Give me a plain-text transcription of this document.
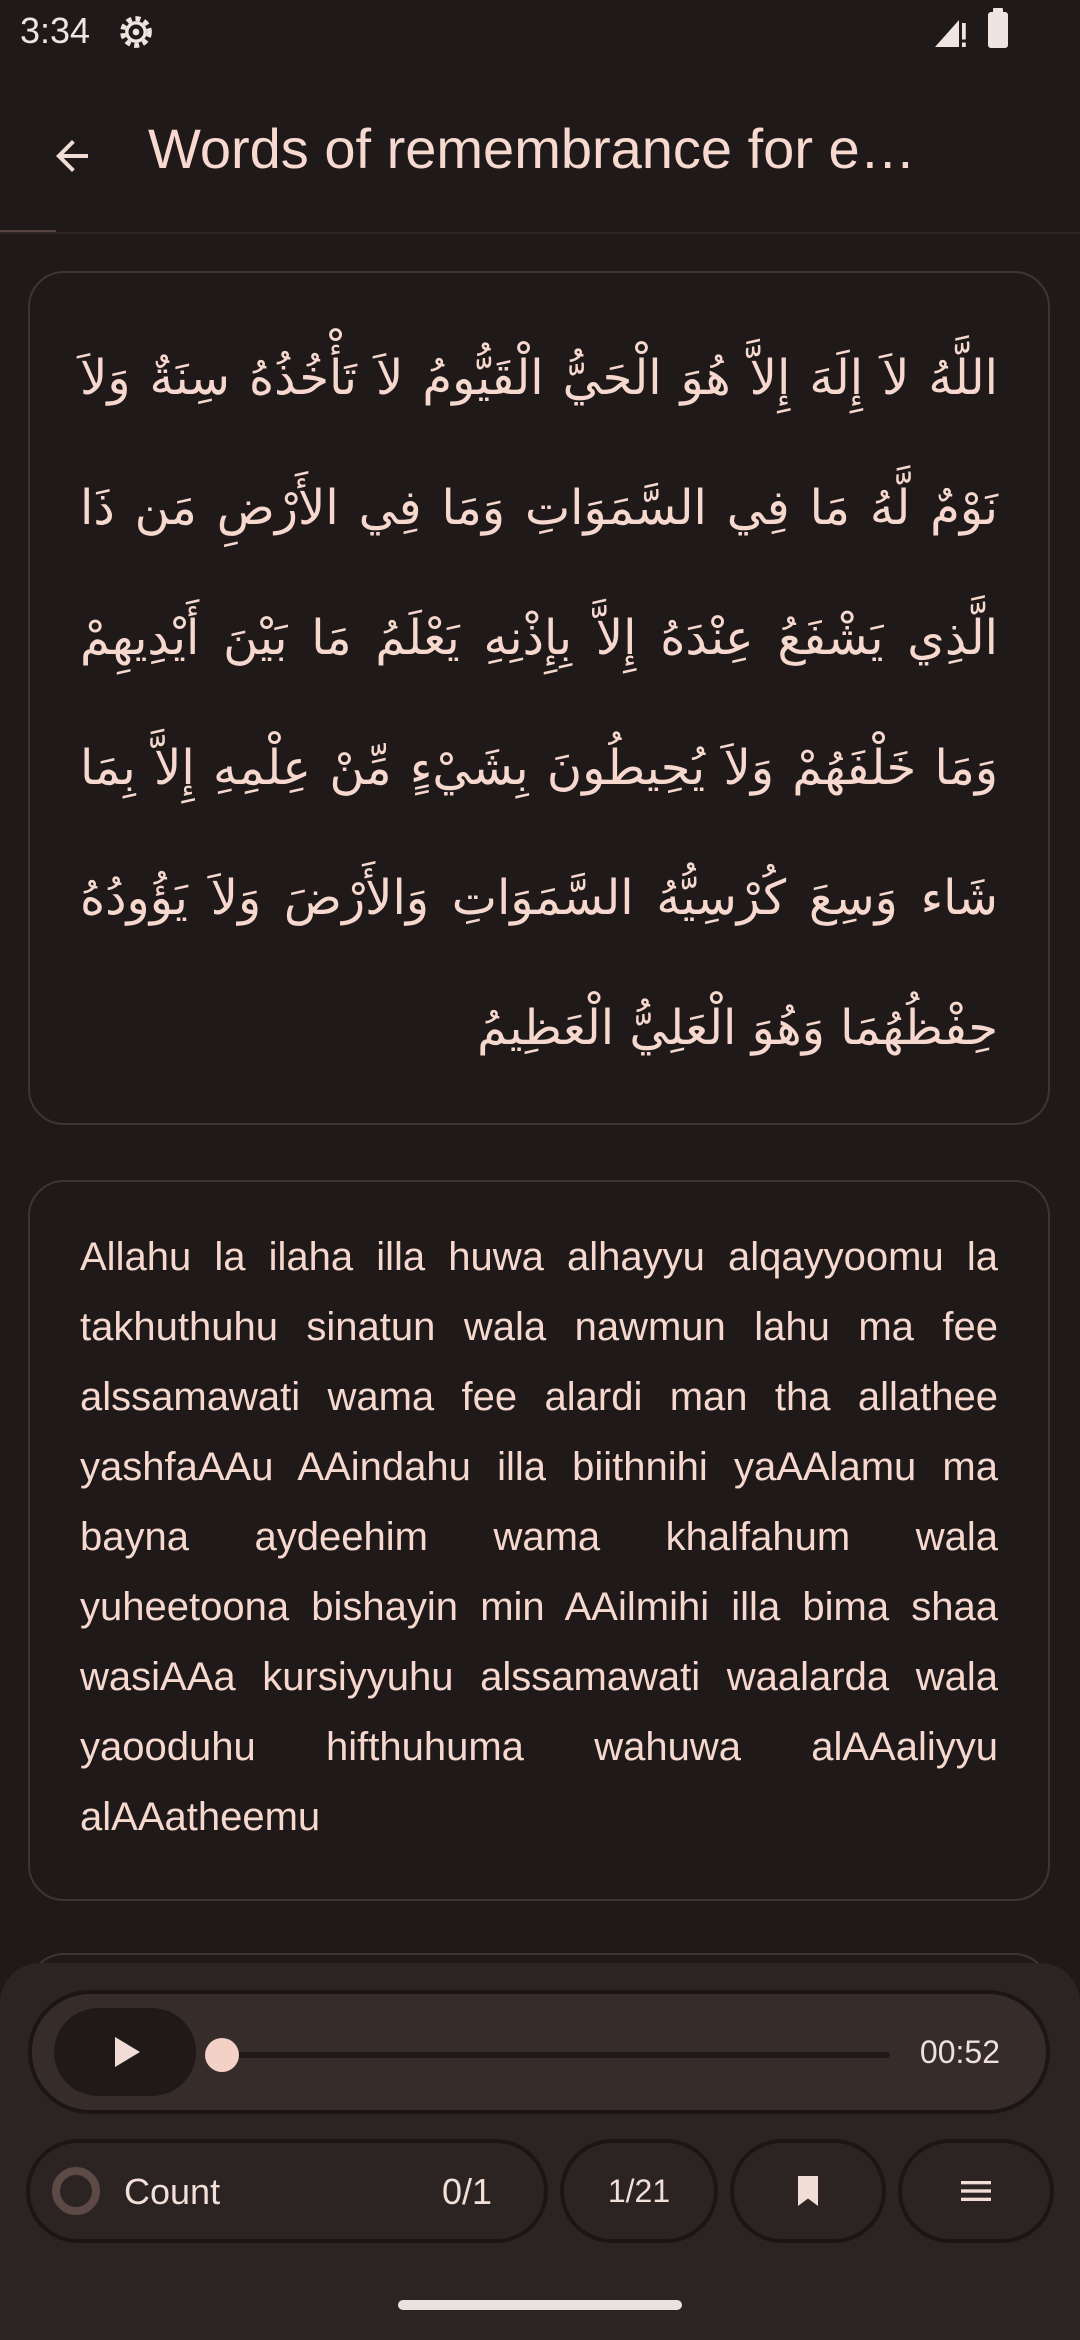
3:34
Words of remembrance for e…
اللَّهُ لاَ إِلَهَ إِلاَّ هُوَ الْحَيُّ الْقَيُّومُ لاَ تَأْخُذُهُ سِنَةٌ وَلاَ نَوْمٌ لَّهُ مَا فِي السَّمَوَاتِ وَمَا فِي الأَرْضِ مَن ذَا الَّذِي يَشْفَعُ عِنْدَهُ إِلاَّ بِإِذْنِهِ يَعْلَمُ مَا بَيْنَ أَيْدِيهِمْ وَمَا خَلْفَهُمْ وَلاَ يُحِيطُونَ بِشَيْءٍ مِّنْ عِلْمِهِ إِلاَّ بِمَا شَاء وَسِعَ كُرْسِيُّهُ السَّمَوَاتِ وَالأَرْضَ وَلاَ يَؤُودُهُ حِفْظُهُمَا وَهُوَ الْعَلِيُّ الْعَظِيمُ
Allahu la ilaha illa huwa alhayyu alqayyoomu la takhuthuhu sinatun wala nawmun lahu ma fee alssamawati wama fee alardi man tha allathee yashfaAAu AAindahu illa biithnihi yaAAlamu ma bayna aydeehim wama khalfahum wala yuheetoona bishayin min AAilmihi illa bima shaa wasiAAa kursiyyuhu alssamawati waalarda wala yaooduhu hifthuhuma wahuwa alAAaliyyu alAAatheemu
00:52
Count	0/1	1/21
